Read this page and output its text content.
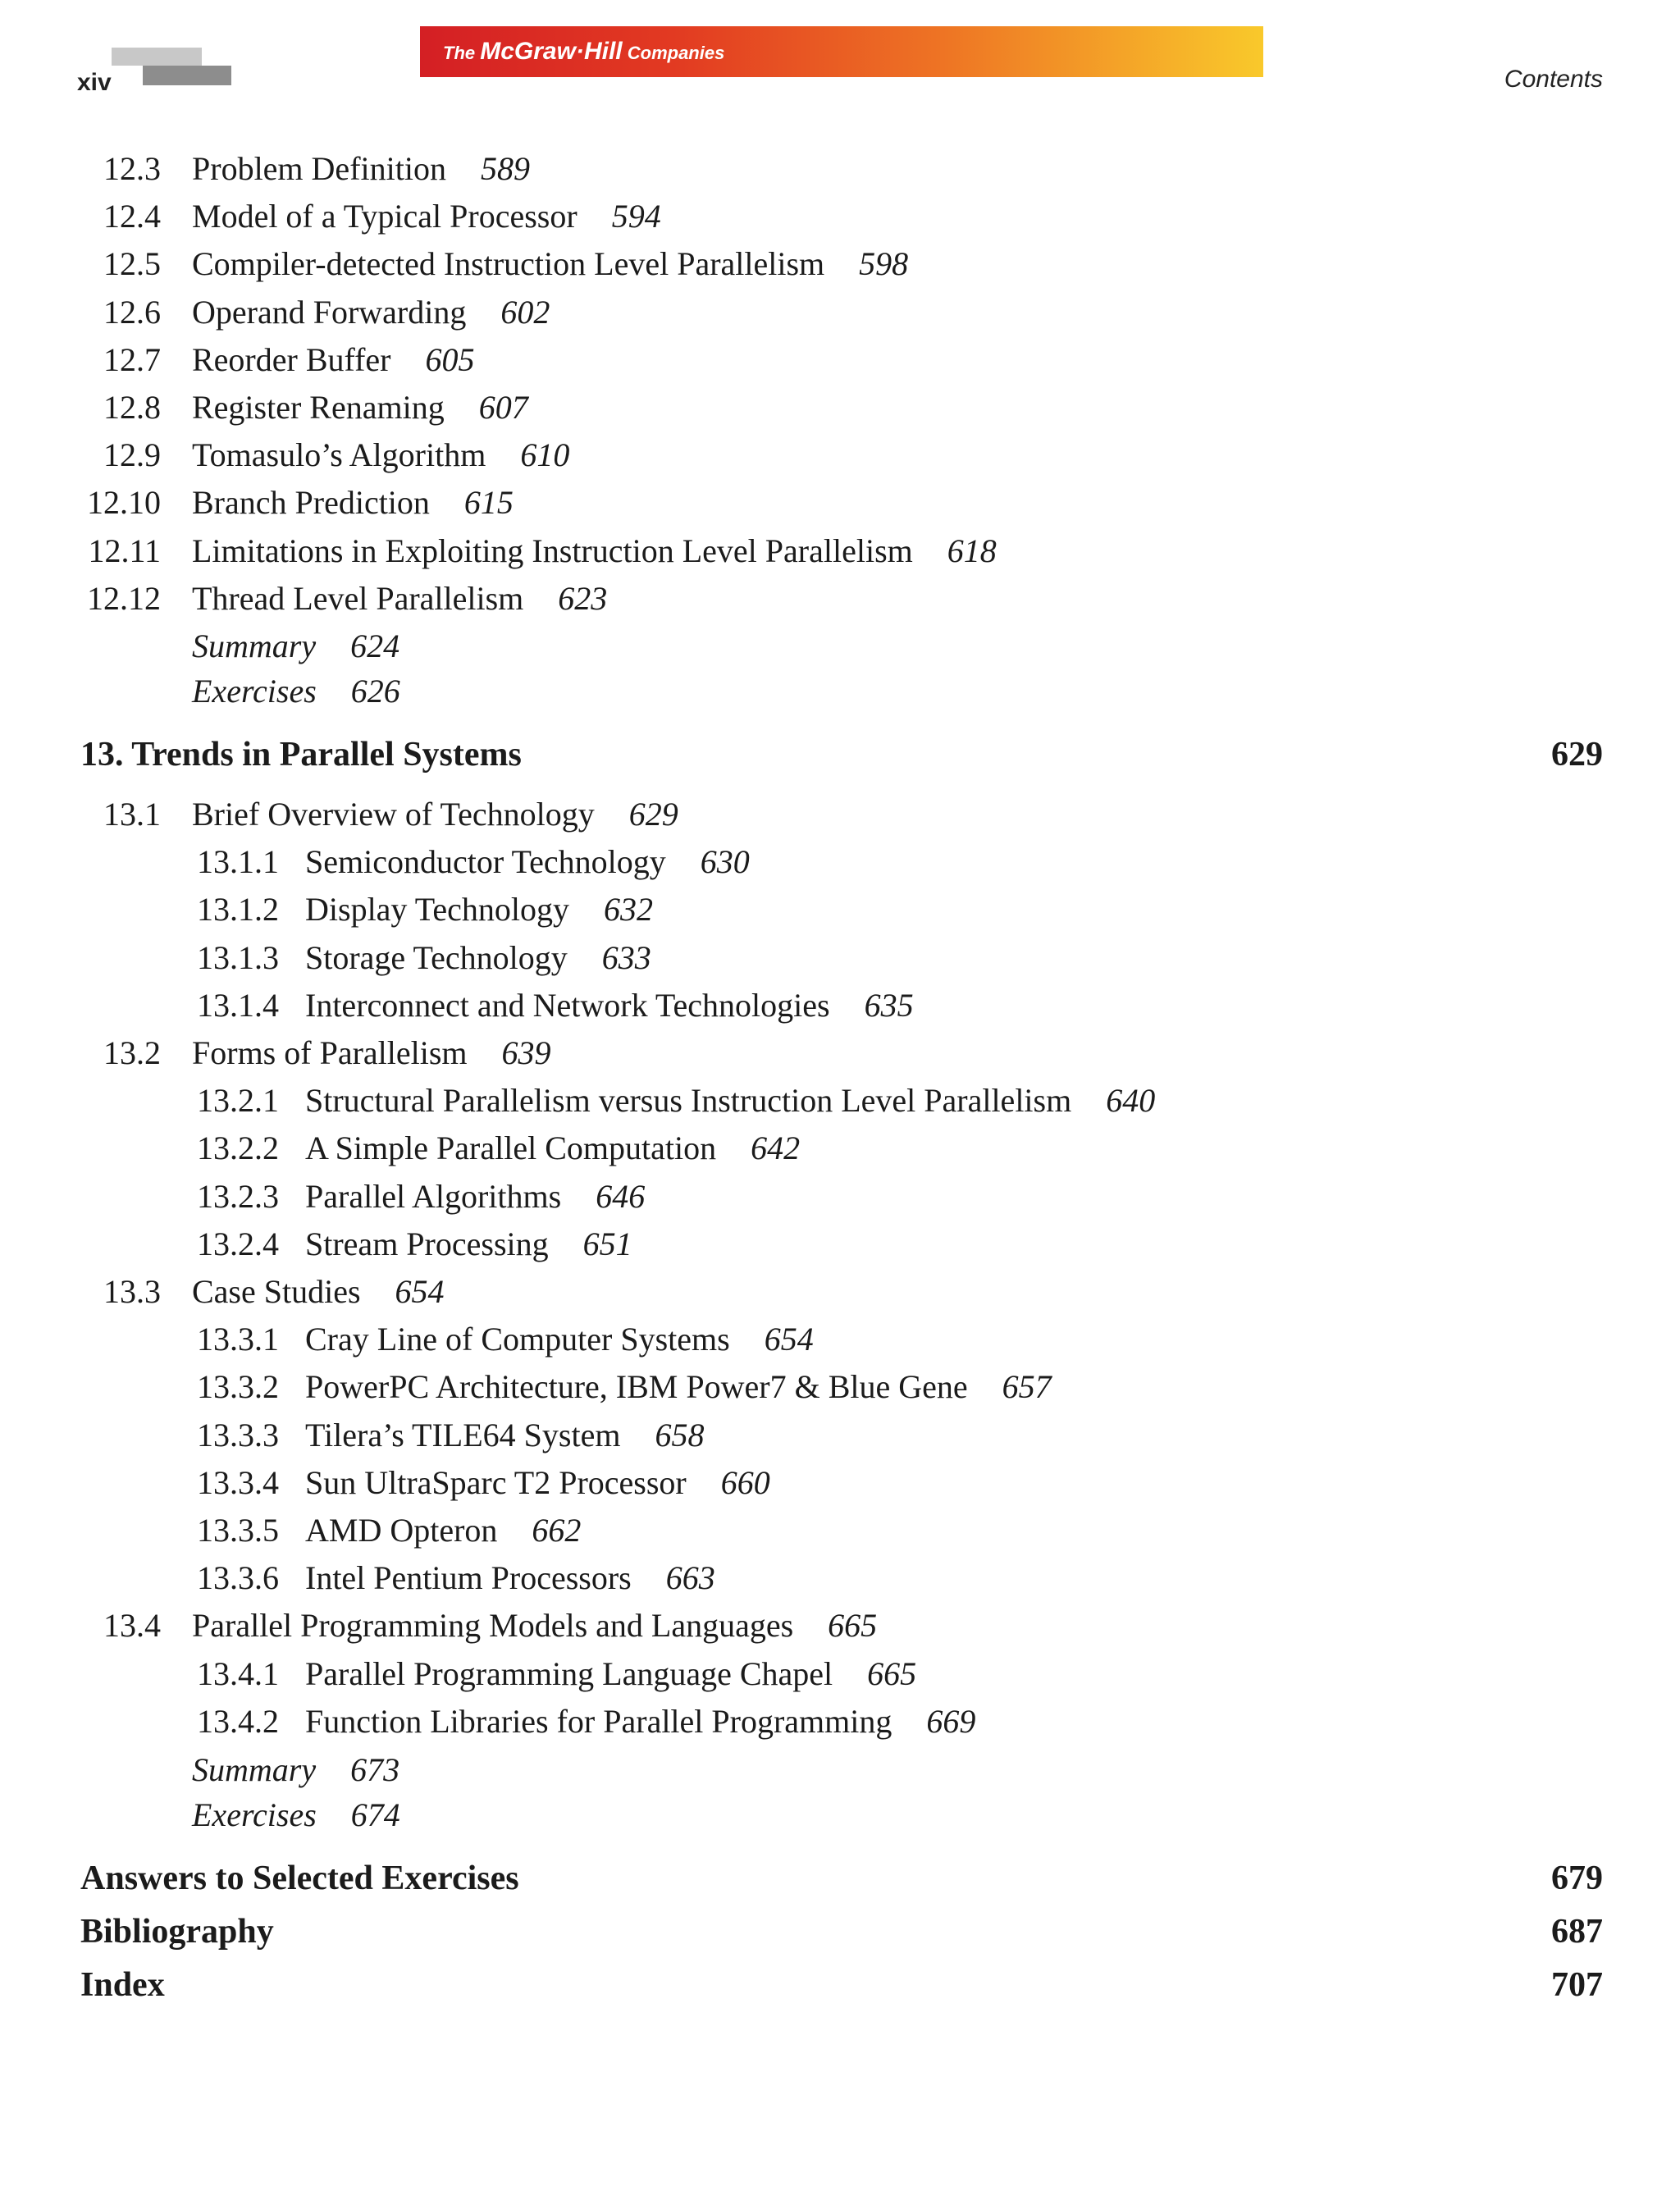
xiv
The McGraw·Hill Companies
Contents
12.3 Problem Definition 589
12.4 Model of a Typical Processor 594
12.5 Compiler-detected Instruction Level Parallelism 598
12.6 Operand Forwarding 602
12.7 Reorder Buffer 605
12.8 Register Renaming 607
12.9 Tomasulo’s Algorithm 610
12.10 Branch Prediction 615
12.11 Limitations in Exploiting Instruction Level Parallelism 618
12.12 Thread Level Parallelism 623
Summary 624
Exercises 626
13. Trends in Parallel Systems	629
13.1 Brief Overview of Technology 629
13.1.1 Semiconductor Technology 630
13.1.2 Display Technology 632
13.1.3 Storage Technology 633
13.1.4 Interconnect and Network Technologies 635
13.2 Forms of Parallelism 639
13.2.1 Structural Parallelism versus Instruction Level Parallelism 640
13.2.2 A Simple Parallel Computation 642
13.2.3 Parallel Algorithms 646
13.2.4 Stream Processing 651
13.3 Case Studies 654
13.3.1 Cray Line of Computer Systems 654
13.3.2 PowerPC Architecture, IBM Power7 & Blue Gene 657
13.3.3 Tilera’s TILE64 System 658
13.3.4 Sun UltraSparc T2 Processor 660
13.3.5 AMD Opteron 662
13.3.6 Intel Pentium Processors 663
13.4 Parallel Programming Models and Languages 665
13.4.1 Parallel Programming Language Chapel 665
13.4.2 Function Libraries for Parallel Programming 669
Summary 673
Exercises 674
Answers to Selected Exercises	679
Bibliography	687
Index	707
